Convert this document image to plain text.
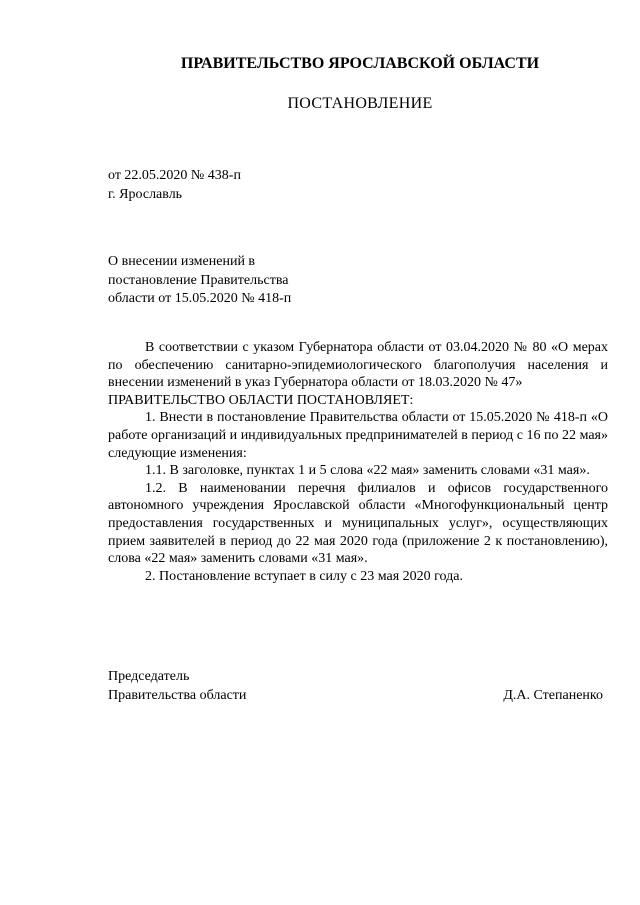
ПРАВИТЕЛЬСТВО ЯРОСЛАВСКОЙ ОБЛАСТИ
ПОСТАНОВЛЕНИЕ
от 22.05.2020 № 438-п
г. Ярославль
О внесении изменений в
постановление Правительства
области от 15.05.2020 № 418-п

В соответствии с указом Губернатора области от 03.04.2020 № 80 «О мерах по обеспечению санитарно-эпидемиологического благополучия населения и внесении изменений в указ Губернатора области от 18.03.2020 № 47»

ПРАВИТЕЛЬСТВО ОБЛАСТИ ПОСТАНОВЛЯЕТ:

1. Внести в постановление Правительства области от 15.05.2020 № 418-п «О работе организаций и индивидуальных предпринимателей в период с 16 по 22 мая» следующие изменения:

1.1. В заголовке, пунктах 1 и 5 слова «22 мая» заменить словами «31 мая».

1.2. В наименовании перечня филиалов и офисов государственного автономного учреждения Ярославской области «Многофункциональный центр предоставления государственных и муниципальных услуг», осуществляющих прием заявителей в период до 22 мая 2020 года (приложение 2 к постановлению), слова «22 мая» заменить словами «31 мая».

2. Постановление вступает в силу с 23 мая 2020 года.

Председатель
Правительства области	Д.А. Степаненко
